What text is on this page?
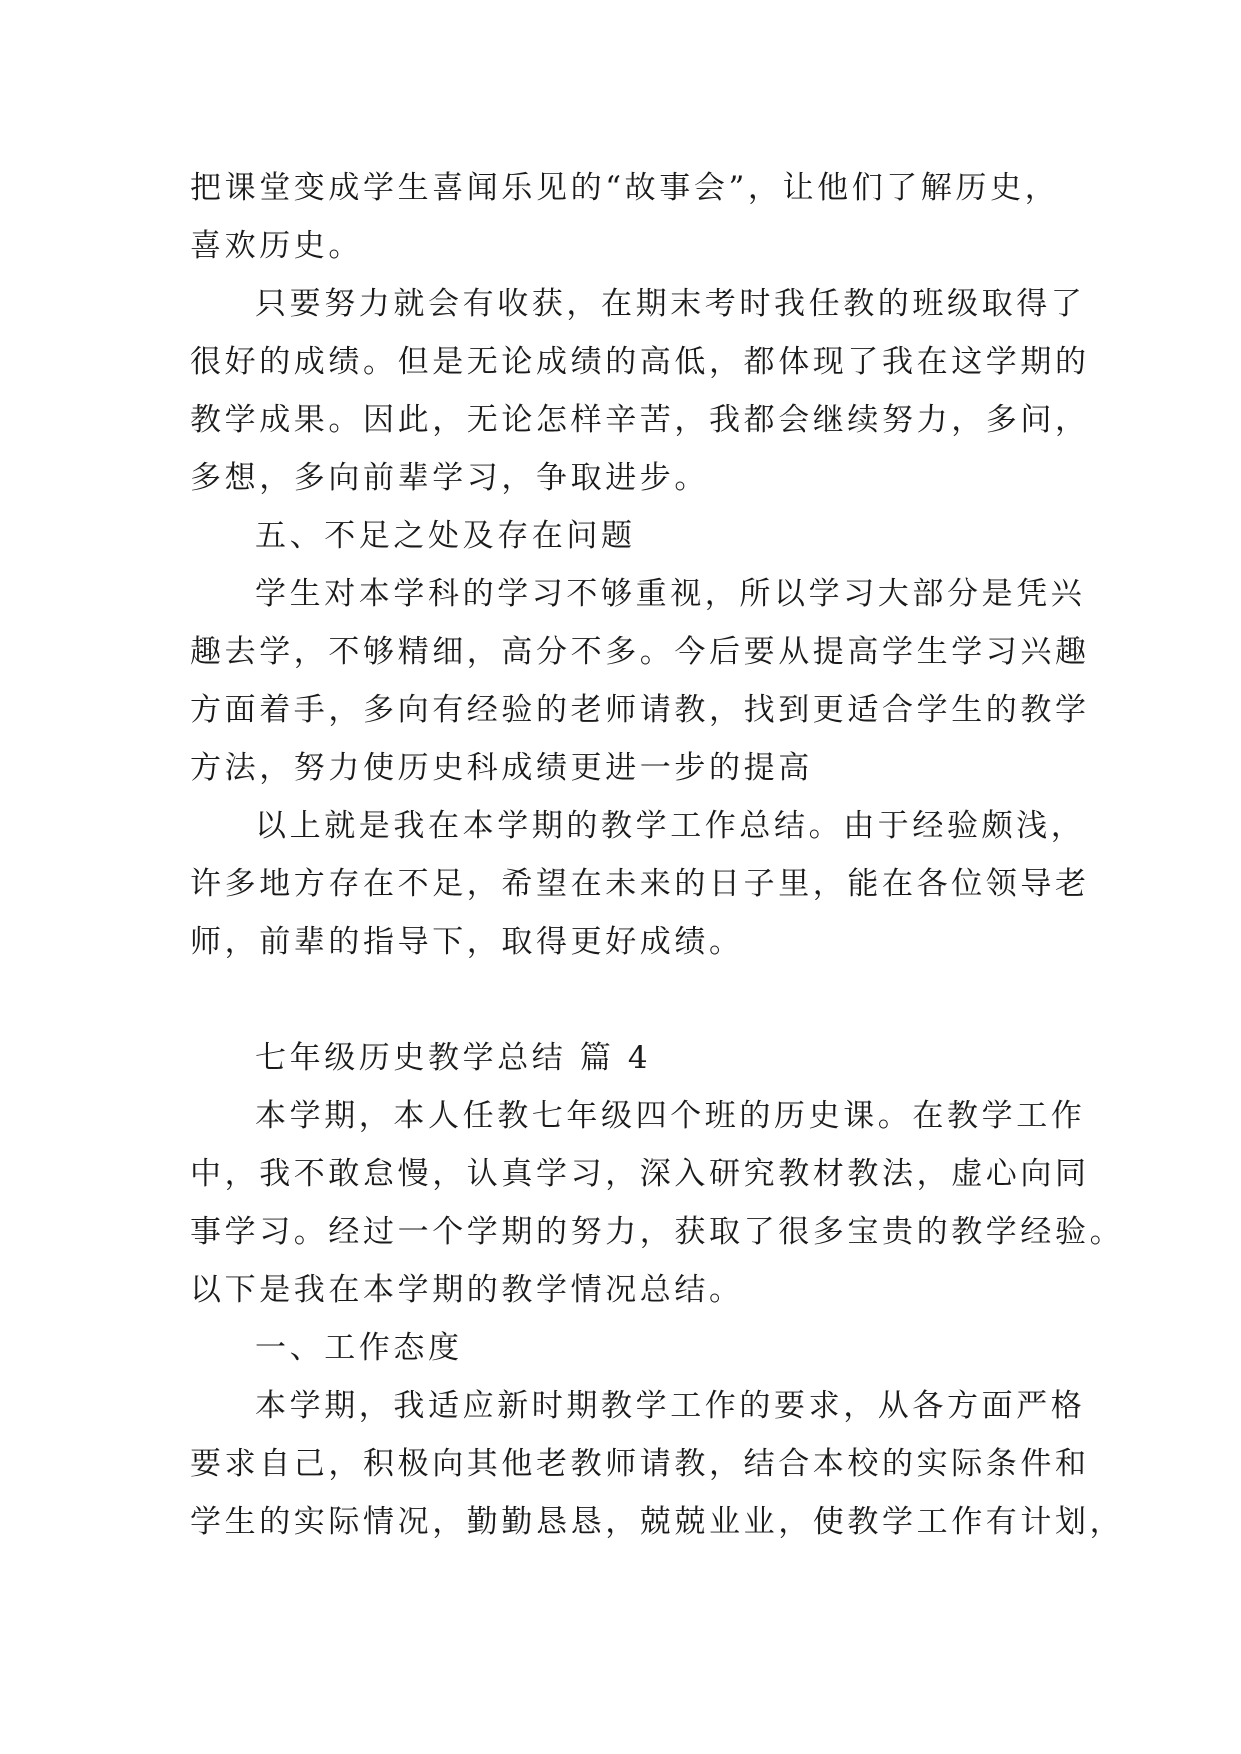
把课堂变成学生喜闻乐见的“故事会”，让他们了解历史，
喜欢历史。
只要努力就会有收获，在期末考时我任教的班级取得了
很好的成绩。但是无论成绩的高低，都体现了我在这学期的
教学成果。因此，无论怎样辛苦，我都会继续努力，多问，
多想，多向前辈学习，争取进步。
五、不足之处及存在问题
学生对本学科的学习不够重视，所以学习大部分是凭兴
趣去学，不够精细，高分不多。今后要从提高学生学习兴趣
方面着手，多向有经验的老师请教，找到更适合学生的教学
方法，努力使历史科成绩更进一步的提高
以上就是我在本学期的教学工作总结。由于经验颇浅，
许多地方存在不足，希望在未来的日子里，能在各位领导老
师，前辈的指导下，取得更好成绩。
七年级历史教学总结 篇 4
本学期，本人任教七年级四个班的历史课。在教学工作
中，我不敢怠慢，认真学习，深入研究教材教法，虚心向同
事学习。经过一个学期的努力，获取了很多宝贵的教学经验。
以下是我在本学期的教学情况总结。
一、工作态度
本学期，我适应新时期教学工作的要求，从各方面严格
要求自己，积极向其他老教师请教，结合本校的实际条件和
学生的实际情况，勤勤恳恳，兢兢业业，使教学工作有计划，
